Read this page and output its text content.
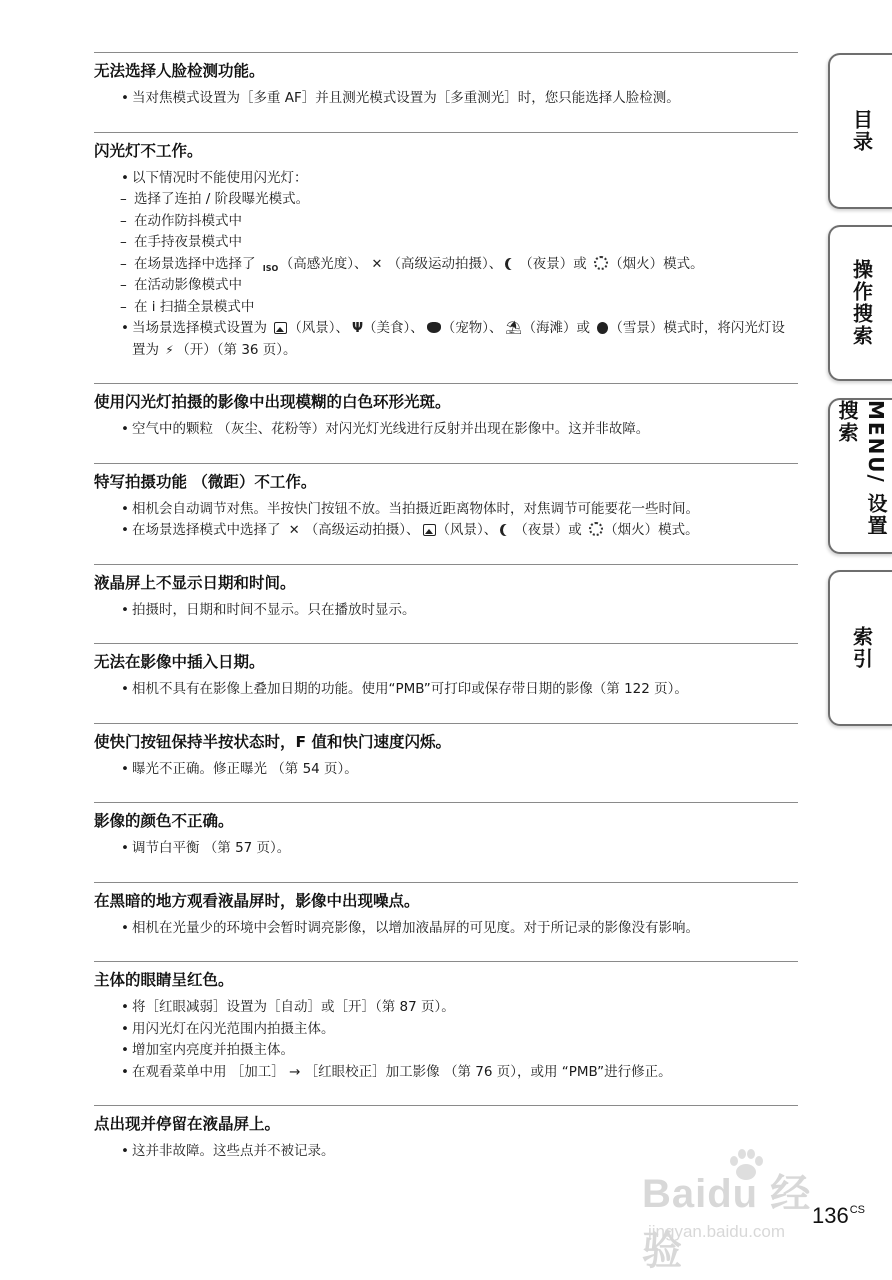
无法选择人脸检测功能。
• 当对焦模式设置为［多重 AF］并且测光模式设置为［多重测光］时，您只能选择人脸检测。
闪光灯不工作。
• 以下情况时不能使用闪光灯：
– 选择了连拍 / 阶段曝光模式。
– 在动作防抖模式中
– 在手持夜景模式中
– 在场景选择中选择了 ISO（高感光度）、 ✕ （高级运动拍摄）、 （夜景）或 （烟火）模式。
– 在活动影像模式中
– 在 i 扫描全景模式中
• 当场景选择模式设置为 （风景）、 Ψ （美食）、 （宠物）、 ⛱ （海滩）或 （雪景）模式时，将闪光灯设置为 ⚡（开）（第 36 页）。
使用闪光灯拍摄的影像中出现模糊的白色环形光斑。
• 空气中的颗粒 （灰尘、花粉等）对闪光灯光线进行反射并出现在影像中。这并非故障。
特写拍摄功能 （微距）不工作。
• 相机会自动调节对焦。半按快门按钮不放。当拍摄近距离物体时，对焦调节可能要花一些时间。
• 在场景选择模式中选择了 ✕（高级运动拍摄）、 （风景）、 （夜景）或 （烟火）模式。
液晶屏上不显示日期和时间。
• 拍摄时，日期和时间不显示。只在播放时显示。
无法在影像中插入日期。
• 相机不具有在影像上叠加日期的功能。使用“PMB”可打印或保存带日期的影像（第 122 页）。
使快门按钮保持半按状态时，F 值和快门速度闪烁。
• 曝光不正确。修正曝光 （第 54 页）。
影像的颜色不正确。
• 调节白平衡 （第 57 页）。
在黑暗的地方观看液晶屏时，影像中出现噪点。
• 相机在光量少的环境中会暂时调亮影像，以增加液晶屏的可见度。对于所记录的影像没有影响。
主体的眼睛呈红色。
• 将［红眼减弱］设置为［自动］或［开］（第 87 页）。
• 用闪光灯在闪光范围内拍摄主体。
• 增加室内亮度并拍摄主体。
• 在观看菜单中用 ［加工］ → ［红眼校正］加工影像 （第 76 页），或用 “PMB”进行修正。
点出现并停留在液晶屏上。
• 这并非故障。这些点并不被记录。
目录
操作搜索
MENU/ 设置搜索
索引
Baidu 经验
jingyan.baidu.com
$136^{CS}$
